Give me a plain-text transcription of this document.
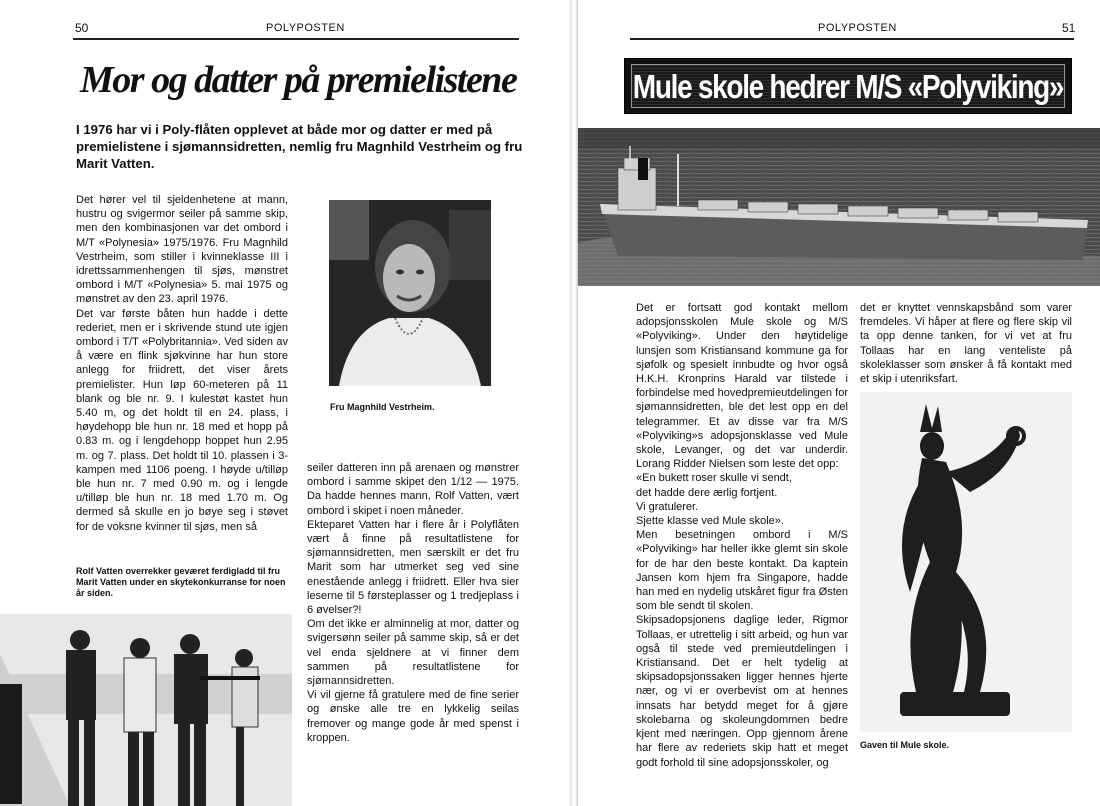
50	POLYPOSTEN
Mor og datter på premielistene
I 1976 har vi i Poly-flåten opplevet at både mor og datter er med på premielistene i sjømannsidretten, nemlig fru Magnhild Vestrheim og fru Marit Vatten.
Det hører vel til sjeldenhetene at mann, hustru og svigermor seiler på samme skip, men den kombinasjonen var det ombord i M/T «Polynesia» 1975/1976. Fru Magnhild Vestrheim, som stiller i kvinneklasse III i idrettssammenhengen til sjøs, mønstret ombord i M/T «Polynesia» 5. mai 1975 og mønstret av den 23. april 1976.
Det var første båten hun hadde i dette rederiet, men er i skrivende stund ute igjen ombord i T/T «Polybritannia». Ved siden av å være en flink sjøkvinne har hun store anlegg for friidrett, det viser årets premielister. Hun løp 60-meteren på 11 blank og ble nr. 9. I kulestøt kastet hun 5.40 m, og det holdt til en 24. plass, i høydehopp ble hun nr. 18 med et hopp på 0.83 m. og i lengdehopp hoppet hun 2.95 m. og 7. plass. Det holdt til 10. plassen i 3-kampen med 1106 poeng. I høyde u/tilløp ble hun nr. 7 med 0.90 m. og i lengde u/tilløp ble hun nr. 18 med 1.70 m. Og dermed så skulle en jo bøye seg i støvet for de voksne kvinner til sjøs, men så
Fru Magnhild Vestrheim.
seiler datteren inn på arenaen og mønstrer ombord i samme skipet den 1/12 — 1975. Da hadde hennes mann, Rolf Vatten, vært ombord i skipet i noen måneder.
Ekteparet Vatten har i flere år i Polyflåten vært å finne på resultatlistene for sjømannsidretten, men særskilt er det fru Marit som har utmerket seg ved sine enestående anlegg i friidrett. Eller hva sier leserne til 5 førsteplasser og 1 tredjeplass i 6 øvelser?!
Om det ikke er alminnelig at mor, datter og svigersønn seiler på samme skip, så er det vel enda sjeldnere at vi finner dem sammen på resultatlistene for sjømannsidretten.
Vi vil gjerne få gratulere med de fine serier og ønske alle tre en lykkelig seilas fremover og mange gode år med spenst i kroppen.
Rolf Vatten overrekker geværet ferdigladd til fru Marit Vatten under en skytekonkurranse for noen år siden.
POLYPOSTEN	51
Mule skole hedrer M/S «Polyviking»
Det er fortsatt god kontakt mellom adopsjonsskolen Mule skole og M/S «Polyviking». Under den høytidelige lunsjen som Kristiansand kommune ga for sjøfolk og spesielt innbudte og hvor også H.K.H. Kronprins Harald var tilstede i forbindelse med hovedpremieutdelingen for sjømannsidretten, ble det lest opp en del telegrammer. Et av disse var fra M/S «Polyviking»s adopsjonsklasse ved Mule skole, Levanger, og det var underdir. Lorang Ridder Nielsen som leste det opp:
«En bukett roser skulle vi sendt,
det hadde dere ærlig fortjent.
Vi gratulerer.
Sjette klasse ved Mule skole».
Men besetningen ombord i M/S «Polyviking» har heller ikke glemt sin skole for de har den beste kontakt. Da kaptein Jansen kom hjem fra Singapore, hadde han med en nydelig utskåret figur fra Østen som ble sendt til skolen.
Skipsadopsjonens daglige leder, Rigmor Tollaas, er utrettelig i sitt arbeid, og hun var også til stede ved premieutdelingen i Kristiansand. Det er helt tydelig at skipsadopsjonssaken ligger hennes hjerte nær, og vi er overbevist om at hennes innsats har betydd meget for å gjøre skolebarna og skoleungdommen bedre kjent med næringen. Opp gjennom årene har flere av rederiets skip hatt et meget godt forhold til sine adopsjonsskoler, og
det er knyttet vennskapsbånd som varer fremdeles. Vi håper at flere og flere skip vil ta opp denne tanken, for vi vet at fru Tollaas har en lang venteliste på skoleklasser som ønsker å få kontakt med et skip i utenriksfart.
Gaven til Mule skole.
